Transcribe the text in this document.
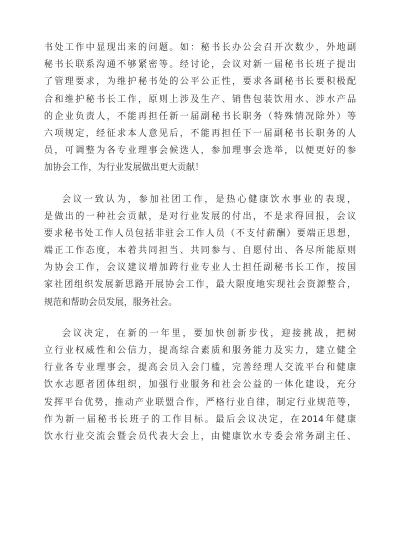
书处工作中显现出来的问题。如：秘书长办公会召开次数少，外地副
秘书长联系沟通不够紧密等。经讨论，会议对新一届秘书长班子提出
了管理要求，为维护秘书处的公平公正性，要求各副秘书长要积极配
合和维护秘书长工作，原则上涉及生产、销售包装饮用水、涉水产品
的企业负责人，不能再担任新一届副秘书长职务（特殊情况除外）等
六项规定，经征求本人意见后，不能再担任下一届副秘书长职务的人
员，可调整为各专业理事会候选人，参加理事会选举，以便更好的参
加协会工作，为行业发展做出更大贡献！
会议一致认为，参加社团工作，是热心健康饮水事业的表现，
是做出的一种社会贡献，是对行业发展的付出，不是求得回报，会议
要求秘书处工作人员包括非驻会工作人员（不支付薪酬）要端正思想，
端正工作态度，本着共同担当、共同参与、自愿付出、各尽所能原则
为协会工作，会议建议增加跨行业专业人士担任副秘书长工作，按国
家社团组织发展新思路开展协会工作，最大限度地实现社会资源整合，
规范和帮助会员发展，服务社会。
会议决定，在新的一年里，要加快创新步伐，迎接挑战，把树
立行业权威性和公信力，提高综合素质和服务能力及实力，建立健全
行业各专业理事会，提高会员入会门槛，完善经理人交流平台和健康
饮水志愿者团体组织，加强行业服务和社会公益的一体化建设，充分
发挥平台优势，推动产业联盟合作，严格行业自律，制定行业规范等，
作为新一届秘书长班子的工作目标。最后会议决定，在2014年健康
饮水行业交流会暨会员代表大会上，由健康饮水专委会常务副主任、
